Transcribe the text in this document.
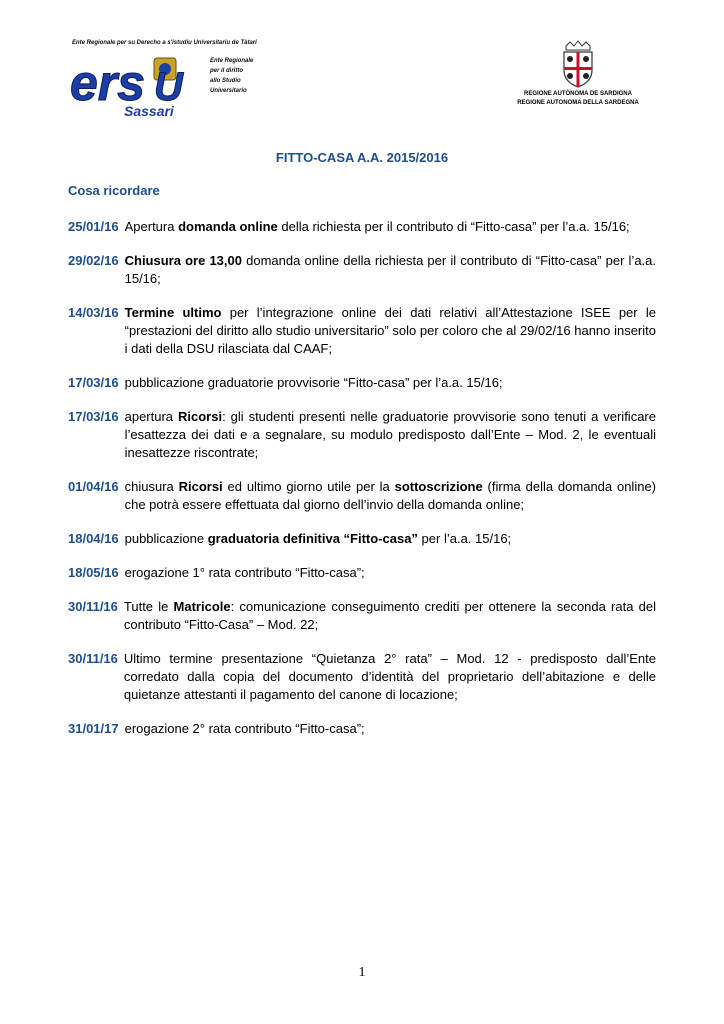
Ente Regionale per su Derecho a s'istudiu Universitariu de Tàtari
ers U
Sassari
Ente Regionale
per il diritto
allo Studio
Universitario	REGIONE AUTÒNOMA DE SARDIGNA
REGIONE AUTONOMA DELLA SARDEGNA
FITTO-CASA A.A. 2015/2016
Cosa ricordare
25/01/16 Apertura domanda online della richiesta per il contributo di “Fitto-casa” per l’a.a. 15/16;
29/02/16 Chiusura ore 13,00 domanda online della richiesta per il contributo di “Fitto-casa” per l’a.a. 15/16;
14/03/16 Termine ultimo per l’integrazione online dei dati relativi all’Attestazione ISEE per le “prestazioni del diritto allo studio universitario” solo per coloro che al 29/02/16 hanno inserito i dati della DSU rilasciata dal CAAF;
17/03/16 pubblicazione graduatorie provvisorie “Fitto-casa” per l’a.a. 15/16;
17/03/16 apertura Ricorsi: gli studenti presenti nelle graduatorie provvisorie sono tenuti a verificare l’esattezza dei dati e a segnalare, su modulo predisposto dall’Ente – Mod. 2, le eventuali inesattezze riscontrate;
01/04/16 chiusura Ricorsi ed ultimo giorno utile per la sottoscrizione (firma della domanda online) che potrà essere effettuata dal giorno dell’invio della domanda online;
18/04/16 pubblicazione graduatoria definitiva “Fitto-casa” per l’a.a. 15/16;
18/05/16 erogazione 1° rata contributo “Fitto-casa”;
30/11/16 Tutte le Matricole: comunicazione conseguimento crediti per ottenere la seconda rata del contributo “Fitto-Casa” – Mod. 22;
30/11/16 Ultimo termine presentazione “Quietanza 2° rata” – Mod. 12 - predisposto dall’Ente corredato dalla copia del documento d’identità del proprietario dell’abitazione e delle quietanze attestanti il pagamento del canone di locazione;
31/01/17 erogazione 2° rata contributo “Fitto-casa”;
1
